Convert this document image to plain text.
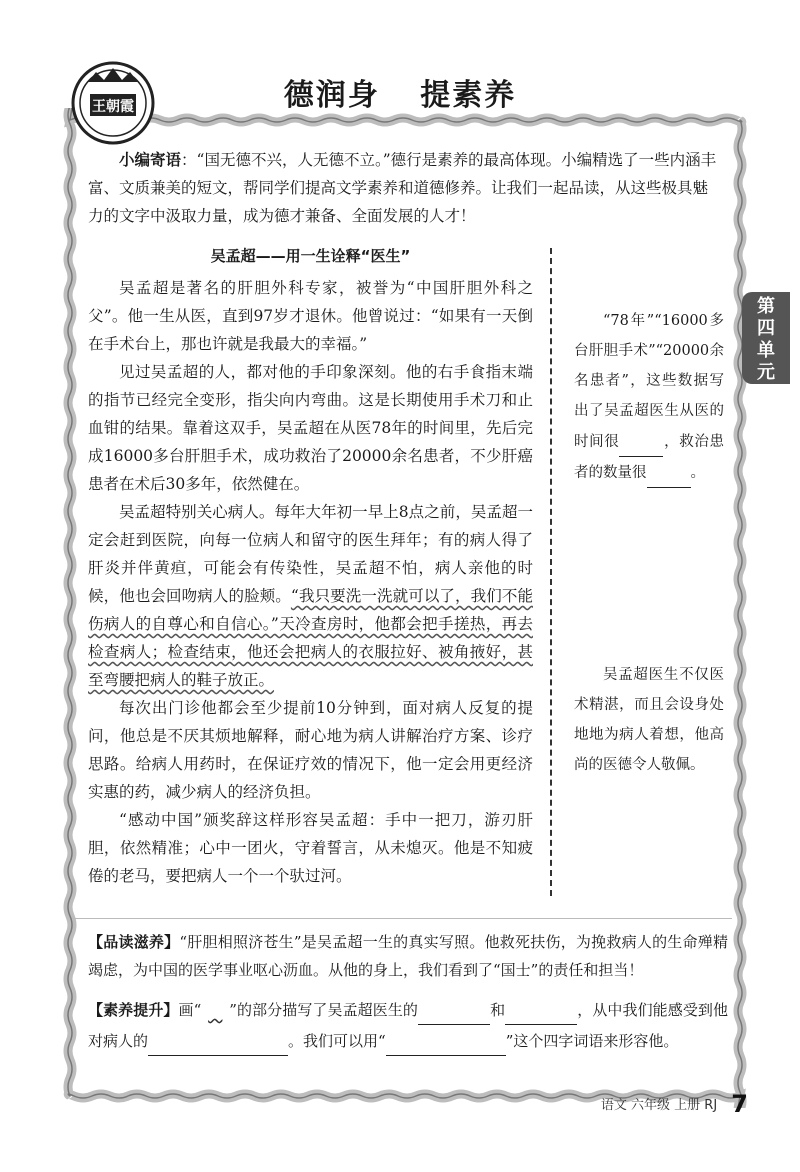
王朝霞	德润身 提素养
第
四
单
元
小编寄语：“国无德不兴，人无德不立。”德行是素养的最高体现。小编精选了一些内涵丰富、文质兼美的短文，帮同学们提高文学素养和道德修养。让我们一起品读，从这些极具魅力的文字中汲取力量，成为德才兼备、全面发展的人才！
吴孟超——用一生诠释“医生”

吴孟超是著名的肝胆外科专家，被誉为“中国肝胆外科之父”。他一生从医，直到97岁才退休。他曾说过：“如果有一天倒在手术台上，那也许就是我最大的幸福。”

见过吴孟超的人，都对他的手印象深刻。他的右手食指末端的指节已经完全变形，指尖向内弯曲。这是长期使用手术刀和止血钳的结果。靠着这双手，吴孟超在从医78年的时间里，先后完成16000多台肝胆手术，成功救治了20000余名患者，不少肝癌患者在术后30多年，依然健在。

吴孟超特别关心病人。每年大年初一早上8点之前，吴孟超一定会赶到医院，向每一位病人和留守的医生拜年；有的病人得了肝炎并伴黄疸，可能会有传染性，吴孟超不怕，病人亲他的时候，他也会回吻病人的脸颊。“我只要洗一洗就可以了，我们不能伤病人的自尊心和自信心。”天冷查房时，他都会把手搓热，再去检查病人；检查结束，他还会把病人的衣服拉好、被角掖好，甚至弯腰把病人的鞋子放正。

每次出门诊他都会至少提前10分钟到，面对病人反复的提问，他总是不厌其烦地解释，耐心地为病人讲解治疗方案、诊疗思路。给病人用药时，在保证疗效的情况下，他一定会用更经济实惠的药，减少病人的经济负担。

“感动中国”颁奖辞这样形容吴孟超：手中一把刀，游刃肝胆，依然精准；心中一团火，守着誓言，从未熄灭。他是不知疲倦的老马，要把病人一个一个驮过河。

“78年”“16000多台肝胆手术”“20000余名患者”，这些数据写出了吴孟超医生从医的时间很	，救治患者的数量很	。
吴孟超医生不仅医术精湛，而且会设身处地地为病人着想，他高尚的医德令人敬佩。
【品读滋养】“肝胆相照济苍生”是吴孟超一生的真实写照。他救死扶伤，为挽救病人的生命殚精竭虑，为中国的医学事业呕心沥血。从他的身上，我们看到了“国士”的责任和担当！
【素养提升】画“ ”的部分描写了吴孟超医生的	和	，从中我们能感受到他对病人的	。我们可以用“	”这个四字词语来形容他。
语文 六年级 上册 RJ 7
